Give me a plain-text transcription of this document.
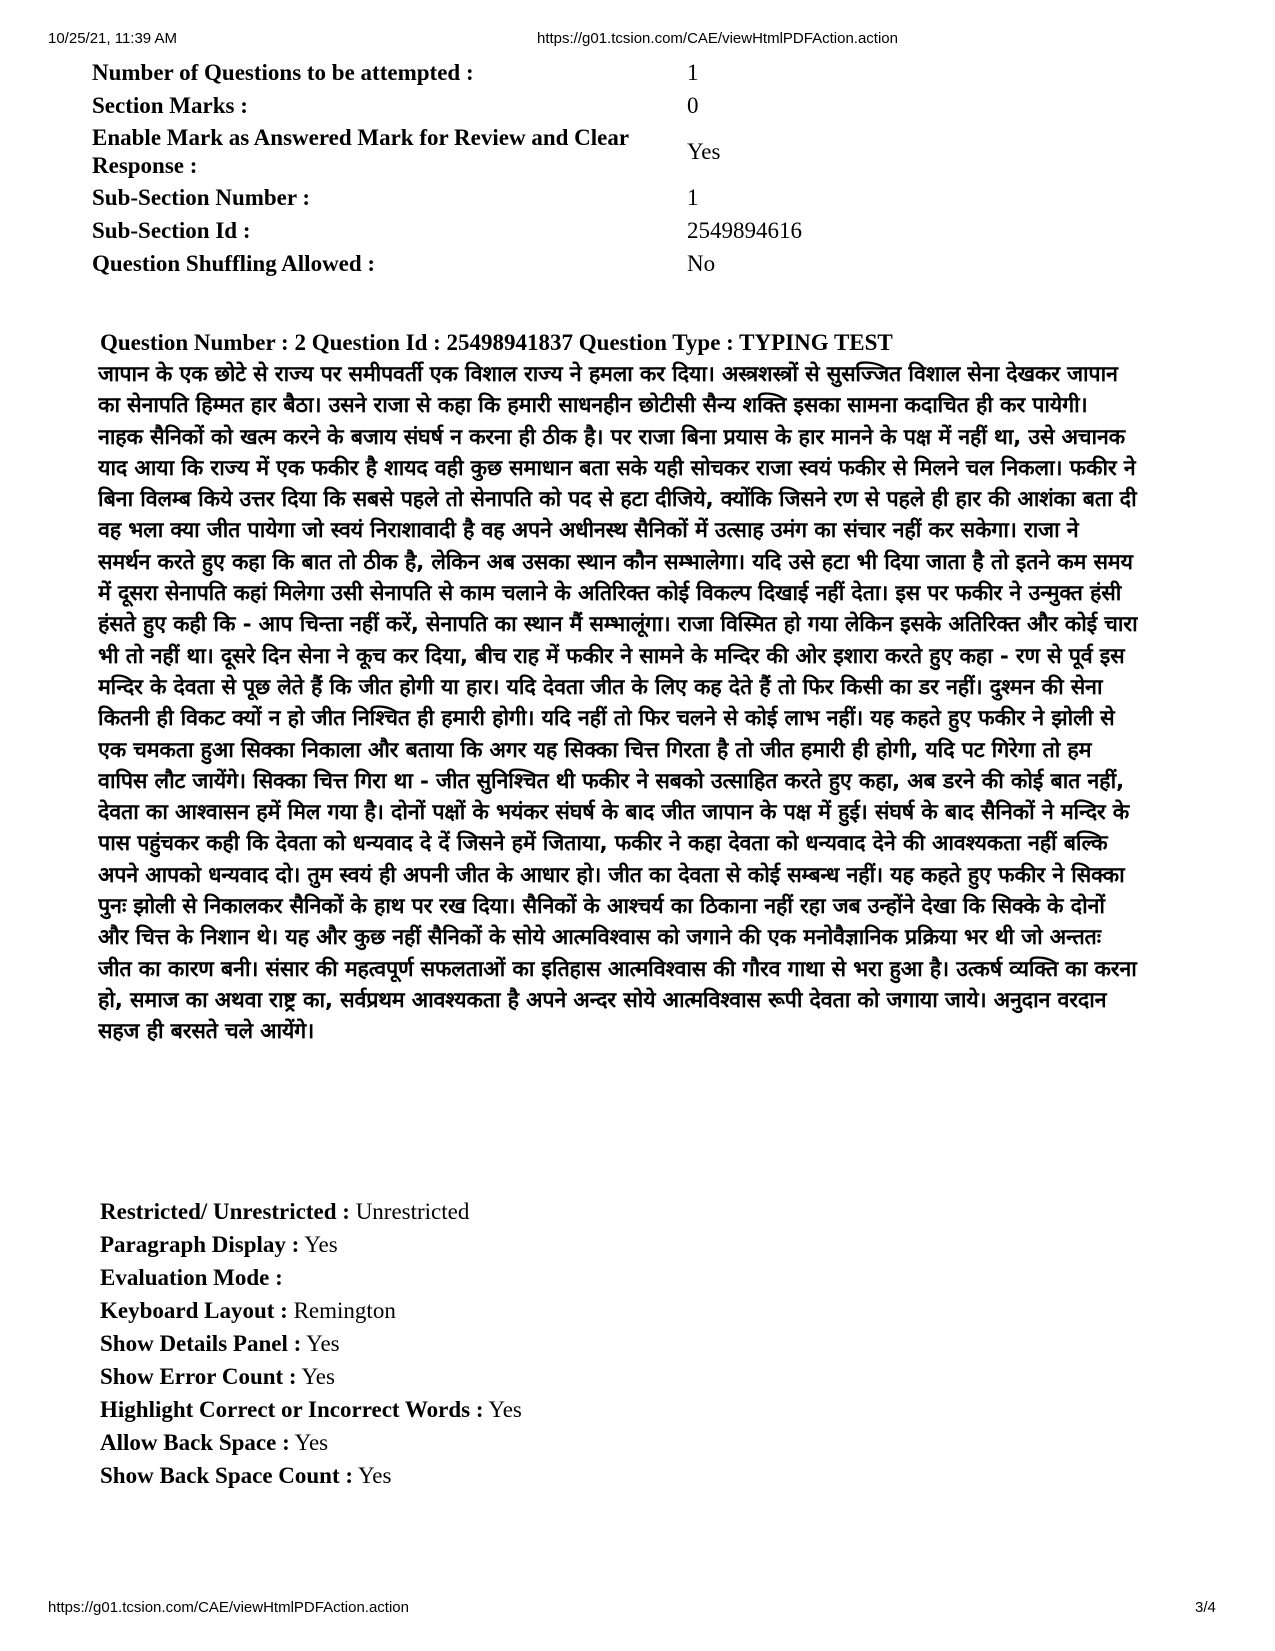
10/25/21, 11:39 AM	https://g01.tcsion.com/CAE/viewHtmlPDFAction.action
Number of Questions to be attempted :	1
Section Marks :	0
Enable Mark as Answered Mark for Review and Clear Response :	Yes
Sub-Section Number :	1
Sub-Section Id :	2549894616
Question Shuffling Allowed :	No
Question Number : 2 Question Id : 25498941837 Question Type : TYPING TEST

जापान के एक छोटे से राज्य पर समीपवर्ती एक विशाल राज्य ने हमला कर दिया। अस्त्रशस्त्रों से सुसज्जित विशाल सेना देखकर जापान का सेनापति हिम्मत हार बैठा। उसने राजा से कहा कि हमारी साधनहीन छोटीसी सैन्य शक्ति इसका सामना कदाचित ही कर पायेगी। नाहक सैनिकों को खत्म करने के बजाय संघर्ष न करना ही ठीक है। पर राजा बिना प्रयास के हार मानने के पक्ष में नहीं था, उसे अचानक याद आया कि राज्य में एक फकीर है शायद वही कुछ समाधान बता सके यही सोचकर राजा स्वयं फकीर से मिलने चल निकला। फकीर ने बिना विलम्ब किये उत्तर दिया कि सबसे पहले तो सेनापति को पद से हटा दीजिये, क्योंकि जिसने रण से पहले ही हार की आशंका बता दी वह भला क्या जीत पायेगा जो स्वयं निराशावादी है वह अपने अधीनस्थ सैनिकों में उत्साह उमंग का संचार नहीं कर सकेगा। राजा ने समर्थन करते हुए कहा कि बात तो ठीक है, लेकिन अब उसका स्थान कौन सम्भालेगा। यदि उसे हटा भी दिया जाता है तो इतने कम समय में दूसरा सेनापति कहां मिलेगा उसी सेनापति से काम चलाने के अतिरिक्त कोई विकल्प दिखाई नहीं देता। इस पर फकीर ने उन्मुक्त हंसी हंसते हुए कही कि - आप चिन्ता नहीं करें, सेनापति का स्थान मैं सम्भालूंगा। राजा विस्मित हो गया लेकिन इसके अतिरिक्त और कोई चारा भी तो नहीं था। दूसरे दिन सेना ने कूच कर दिया, बीच राह में फकीर ने सामने के मन्दिर की ओर इशारा करते हुए कहा - रण से पूर्व इस मन्दिर के देवता से पूछ लेते हैं कि जीत होगी या हार। यदि देवता जीत के लिए कह देते हैं तो फिर किसी का डर नहीं। दुश्मन की सेना कितनी ही विकट क्यों न हो जीत निश्चित ही हमारी होगी। यदि नहीं तो फिर चलने से कोई लाभ नहीं। यह कहते हुए फकीर ने झोली से एक चमकता हुआ सिक्का निकाला और बताया कि अगर यह सिक्का चित्त गिरता है तो जीत हमारी ही होगी, यदि पट गिरेगा तो हम वापिस लौट जायेंगे। सिक्का चित्त गिरा था - जीत सुनिश्चित थी फकीर ने सबको उत्साहित करते हुए कहा, अब डरने की कोई बात नहीं, देवता का आश्वासन हमें मिल गया है। दोनों पक्षों के भयंकर संघर्ष के बाद जीत जापान के पक्ष में हुई। संघर्ष के बाद सैनिकों ने मन्दिर के पास पहुंचकर कही कि देवता को धन्यवाद दे दें जिसने हमें जिताया, फकीर ने कहा देवता को धन्यवाद देने की आवश्यकता नहीं बल्कि अपने आपको धन्यवाद दो। तुम स्वयं ही अपनी जीत के आधार हो। जीत का देवता से कोई सम्बन्ध नहीं। यह कहते हुए फकीर ने सिक्का पुनः झोली से निकालकर सैनिकों के हाथ पर रख दिया। सैनिकों के आश्चर्य का ठिकाना नहीं रहा जब उन्होंने देखा कि सिक्के के दोनों और चित्त के निशान थे। यह और कुछ नहीं सैनिकों के सोये आत्मविश्वास को जगाने की एक मनोवैज्ञानिक प्रक्रिया भर थी जो अन्ततः जीत का कारण बनी। संसार की महत्वपूर्ण सफलताओं का इतिहास आत्मविश्वास की गौरव गाथा से भरा हुआ है। उत्कर्ष व्यक्ति का करना हो, समाज का अथवा राष्ट्र का, सर्वप्रथम आवश्यकता है अपने अन्दर सोये आत्मविश्वास रूपी देवता को जगाया जाये। अनुदान वरदान सहज ही बरसते चले आयेंगे।

Restricted/ Unrestricted : Unrestricted
Paragraph Display : Yes
Evaluation Mode :
Keyboard Layout : Remington
Show Details Panel : Yes
Show Error Count : Yes
Highlight Correct or Incorrect Words : Yes
Allow Back Space : Yes
Show Back Space Count : Yes
https://g01.tcsion.com/CAE/viewHtmlPDFAction.action	3/4
